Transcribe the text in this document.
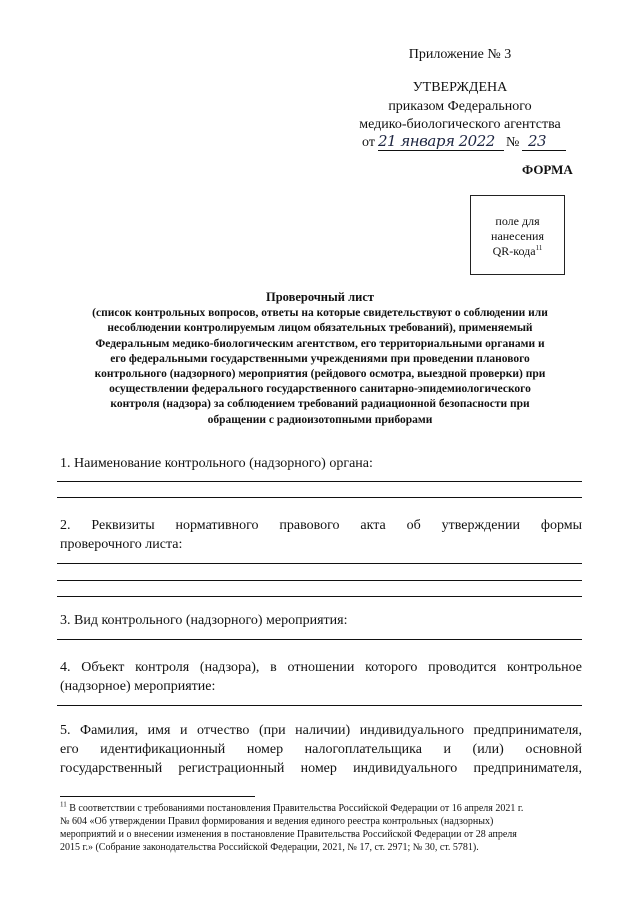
Приложение № 3
УТВЕРЖДЕНА
приказом Федерального
медико-биологического агентства
от 21 января 2022 № 23
ФОРМА
поле для
нанесения
QR-кода$^{11}$
Проверочный лист
(список контрольных вопросов, ответы на которые свидетельствуют о соблюдении или
несоблюдении контролируемым лицом обязательных требований), применяемый
Федеральным медико-биологическим агентством, его территориальными органами и
его федеральными государственными учреждениями при проведении планового
контрольного (надзорного) мероприятия (рейдового осмотра, выездной проверки) при
осуществлении федерального государственного санитарно-эпидемиологического
контроля (надзора) за соблюдением требований радиационной безопасности при
обращении с радиоизотопными приборами
1. Наименование контрольного (надзорного) органа:
2. Реквизиты нормативного правового акта об утверждении формы
проверочного листа:
3. Вид контрольного (надзорного) мероприятия:
4. Объект контроля (надзора), в отношении которого проводится контрольное
(надзорное) мероприятие:
5. Фамилия, имя и отчество (при наличии) индивидуального предпринимателя,
его идентификационный номер налогоплательщика и (или) основной
государственный регистрационный номер индивидуального предпринимателя,
$^{11}$ В соответствии с требованиями постановления Правительства Российской Федерации от 16 апреля 2021 г.
№ 604 «Об утверждении Правил формирования и ведения единого реестра контрольных (надзорных)
мероприятий и о внесении изменения в постановление Правительства Российской Федерации от 28 апреля
2015 г.» (Собрание законодательства Российской Федерации, 2021, № 17, ст. 2971; № 30, ст. 5781).
